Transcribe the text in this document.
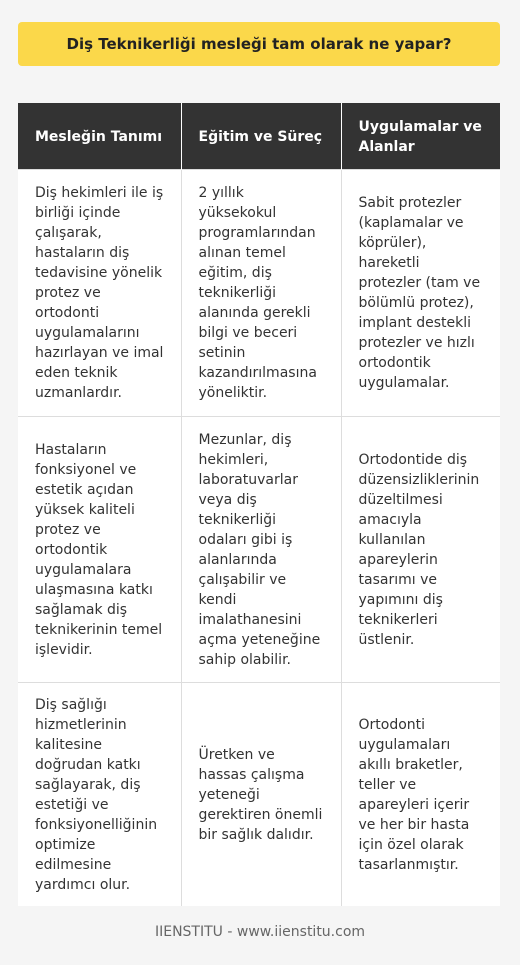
Diş Teknikerliği mesleği tam olarak ne yapar?
Mesleğin Tanımı	Eğitim ve Süreç	Uygulamalar ve Alanlar
Diş hekimleri ile iş birliği içinde çalışarak, hastaların diş tedavisine yönelik protez ve ortodonti uygulamalarını hazırlayan ve imal eden teknik uzmanlardır.	2 yıllık yüksekokul programlarından alınan temel eğitim, diş teknikerliği alanında gerekli bilgi ve beceri setinin kazandırılmasına yöneliktir.	Sabit protezler (kaplamalar ve köprüler), hareketli protezler (tam ve bölümlü protez), implant destekli protezler ve hızlı ortodontik uygulamalar.
Hastaların fonksiyonel ve estetik açıdan yüksek kaliteli protez ve ortodontik uygulamalara ulaşmasına katkı sağlamak diş teknikerinin temel işlevidir.	Mezunlar, diş hekimleri, laboratuvarlar veya diş teknikerliği odaları gibi iş alanlarında çalışabilir ve kendi imalathanesini açma yeteneğine sahip olabilir.	Ortodontide diş düzensizliklerinin düzeltilmesi amacıyla kullanılan apareylerin tasarımı ve yapımını diş teknikerleri üstlenir.
Diş sağlığı hizmetlerinin kalitesine doğrudan katkı sağlayarak, diş estetiği ve fonksiyonelliğinin optimize edilmesine yardımcı olur.	Üretken ve hassas çalışma yeteneği gerektiren önemli bir sağlık dalıdır.	Ortodonti uygulamaları akıllı braketler, teller ve apareyleri içerir ve her bir hasta için özel olarak tasarlanmıştır.
IIENSTITU - www.iienstitu.com
